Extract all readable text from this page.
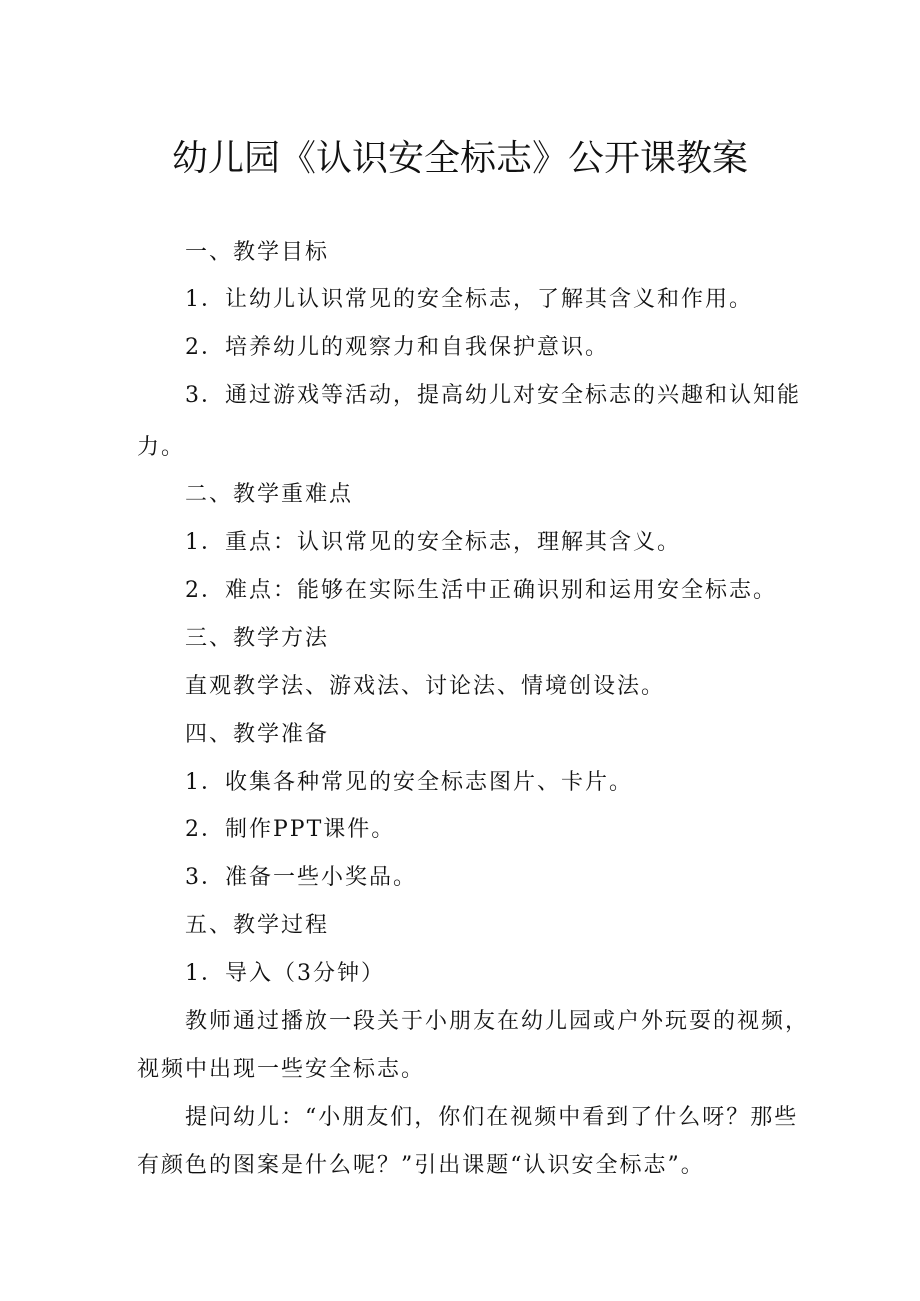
幼儿园《认识安全标志》公开课教案
一、教学目标
1．让幼儿认识常见的安全标志，了解其含义和作用。
2．培养幼儿的观察力和自我保护意识。
3．通过游戏等活动，提高幼儿对安全标志的兴趣和认知能
力。
二、教学重难点
1．重点：认识常见的安全标志，理解其含义。
2．难点：能够在实际生活中正确识别和运用安全标志。
三、教学方法
直观教学法、游戏法、讨论法、情境创设法。
四、教学准备
1．收集各种常见的安全标志图片、卡片。
2．制作PPT课件。
3．准备一些小奖品。
五、教学过程
1．导入（3分钟）
教师通过播放一段关于小朋友在幼儿园或户外玩耍的视频，
视频中出现一些安全标志。
提问幼儿：“小朋友们，你们在视频中看到了什么呀？那些
有颜色的图案是什么呢？”引出课题“认识安全标志”。
